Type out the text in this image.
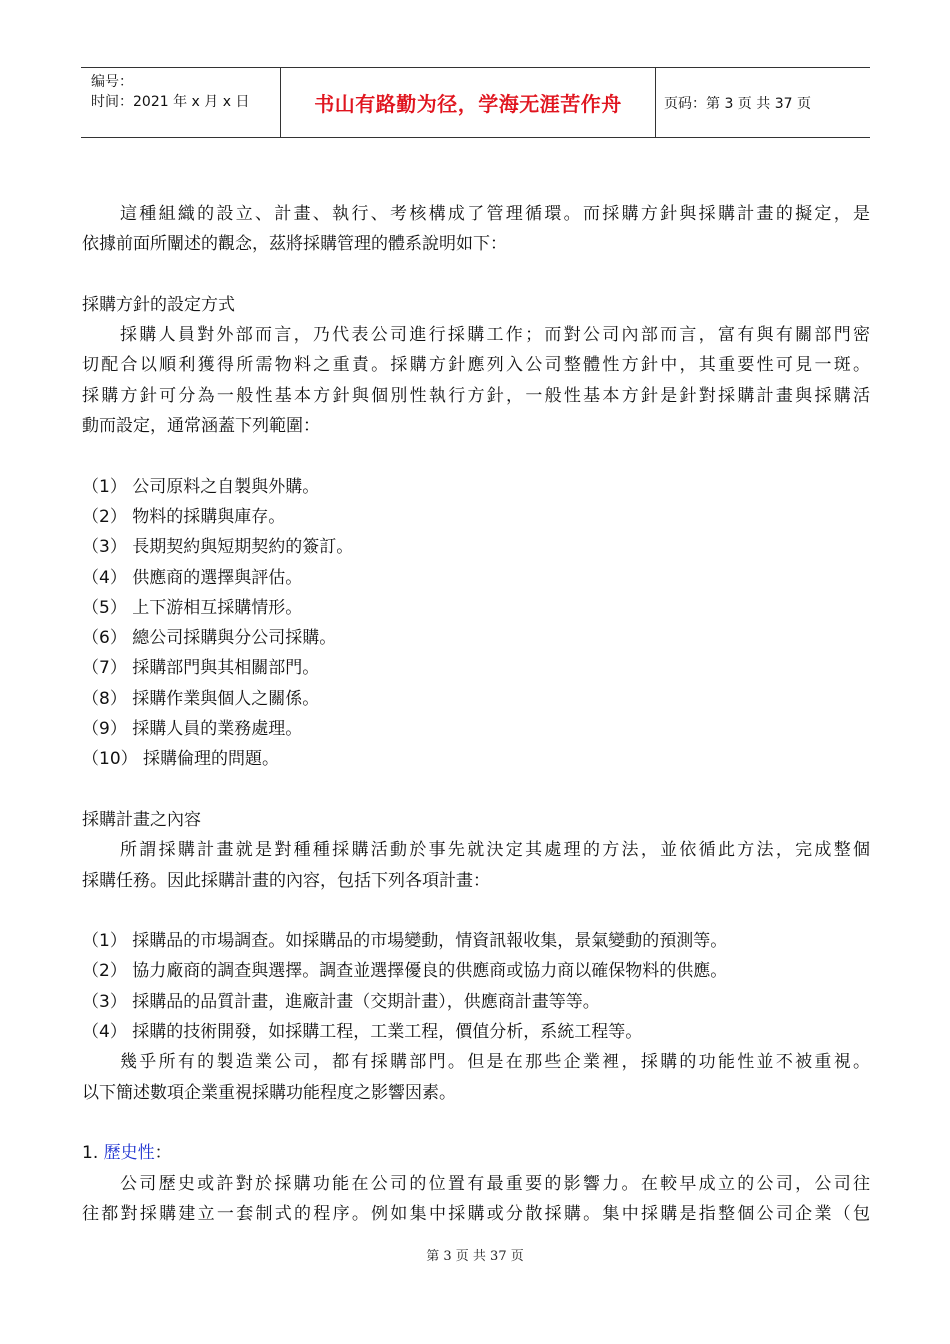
编号：
时间：2021 年 x 月 x 日	书山有路勤为径，学海无涯苦作舟	页码：第 3 页 共 37 页
這種組織的設立、計畫、執行、考核構成了管理循環。而採購方針與採購計畫的擬定，是
依據前面所闡述的觀念，茲將採購管理的體系說明如下：
採購方針的設定方式
採購人員對外部而言，乃代表公司進行採購工作；而對公司內部而言，富有與有關部門密
切配合以順利獲得所需物料之重責。採購方針應列入公司整體性方針中，其重要性可見一斑。
採購方針可分為一般性基本方針與個別性執行方針，一般性基本方針是針對採購計畫與採購活
動而設定，通常涵蓋下列範圍：
（1） 公司原料之自製與外購。
（2） 物料的採購與庫存。
（3） 長期契約與短期契約的簽訂。
（4） 供應商的選擇與評估。
（5） 上下游相互採購情形。
（6） 總公司採購與分公司採購。
（7） 採購部門與其相關部門。
（8） 採購作業與個人之關係。
（9） 採購人員的業務處理。
（10） 採購倫理的問題。
採購計畫之內容
所謂採購計畫就是對種種採購活動於事先就決定其處理的方法，並依循此方法，完成整個
採購任務。因此採購計畫的內容，包括下列各項計畫：
（1） 採購品的市場調查。如採購品的市場變動，情資訊報收集，景氣變動的預測等。
（2） 協力廠商的調查與選擇。調查並選擇優良的供應商或協力商以確保物料的供應。
（3） 採購品的品質計畫，進廠計畫（交期計畫），供應商計畫等等。
（4） 採購的技術開發，如採購工程，工業工程，價值分析，系統工程等。
幾乎所有的製造業公司，都有採購部門。但是在那些企業裡，採購的功能性並不被重視。
以下簡述數項企業重視採購功能程度之影響因素。
1. 歷史性：
公司歷史或許對於採購功能在公司的位置有最重要的影響力。在較早成立的公司，公司往
往都對採購建立一套制式的程序。例如集中採購或分散採購。集中採購是指整個公司企業（包
第 3 页 共 37 页
